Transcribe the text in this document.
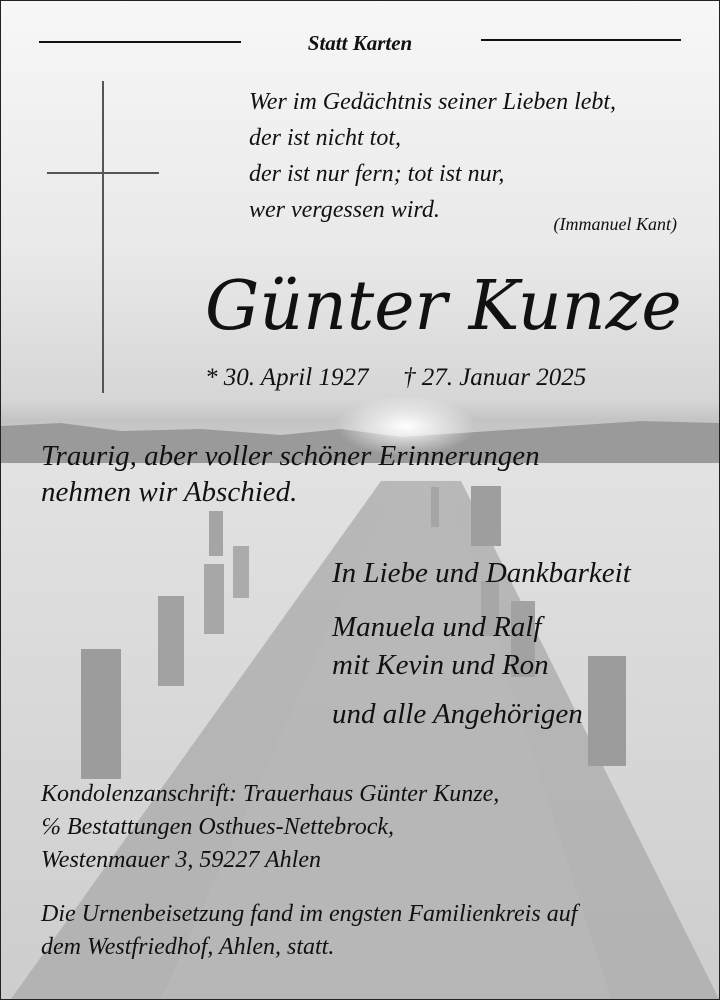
Statt Karten
Wer im Gedächtnis seiner Lieben lebt,
der ist nicht tot,
der ist nur fern; tot ist nur,
wer vergessen wird.
(Immanuel Kant)
Günter Kunze
* 30. April 1927 † 27. Januar 2025
Traurig, aber voller schöner Erinnerungen
nehmen wir Abschied.
In Liebe und Dankbarkeit
Manuela und Ralf
mit Kevin und Ron
und alle Angehörigen
Kondolenzanschrift: Trauerhaus Günter Kunze,
℅ Bestattungen Osthues-Nettebrock,
Westenmauer 3, 59227 Ahlen
Die Urnenbeisetzung fand im engsten Familienkreis auf
dem Westfriedhof, Ahlen, statt.
